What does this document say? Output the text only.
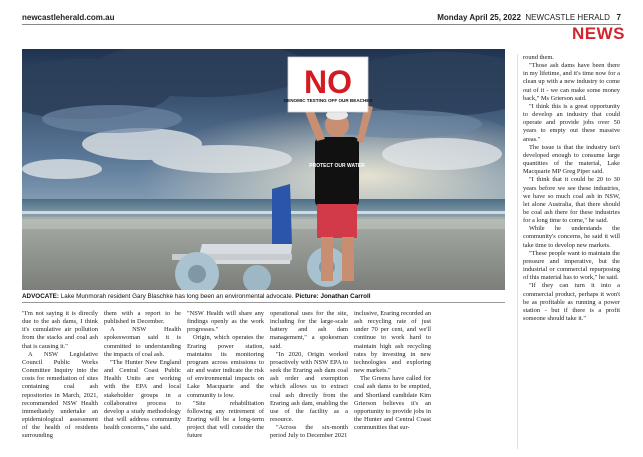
newcastleherald.com.au	Monday April 25, 2022 NEWCASTLE HERALD 7
NEWS
PROTECT OUR WATER
NO
GENOMIC TESTING OFF OUR BEACHES
ADVOCATE: Lake Munmorah resident Gary Blaschke has long been an environmental advocate. Picture: Jonathan Carroll

"I'm not saying it is directly due to the ash dams, I think it's cumulative air pollution from the stacks and coal ash that is causing it."

A NSW Legislative Council Public Works Committee Inquiry into the costs for remediation of sites containing coal ash repositories in March, 2021, recommended NSW Health immediately undertake an epidemiological assessment of the health of residents surrounding

them with a report to be published in December.

A NSW Health spokeswoman said it is committed to understanding the impacts of coal ash.

"The Hunter New England and Central Coast Public Health Units are working with the EPA and local stakeholder groups in a collaborative process to develop a study methodology that will address community health concerns," she said.

"NSW Health will share any findings openly as the work progresses."

Origin, which operates the Eraring power station, maintains its monitoring program across emissions to air and water indicate the risk of environmental impacts on Lake Macquarie and the community is low.

"Site rehabilitation following any retirement of Eraring will be a long-term project that will consider the future

operational uses for the site, including for the large-scale battery and ash dam management," a spokesman said.

"In 2020, Origin worked proactively with NSW EPA to seek the Eraring ash dam coal ash order and exemption which allows us to extract coal ash directly from the Eraring ash dam, enabling the use of the facility as a resource.

"Across the six-month period July to December 2021

inclusive, Eraring recorded an ash recycling rate of just under 70 per cent, and we'll continue to work hard to maintain high ash recycling rates by investing in new technologies and exploring new markets."

The Greens have called for coal ash dams to be emptied, and Shortland candidate Kim Grierson believes it's an opportunity to provide jobs in the Hunter and Central Coast communities that sur-

round them.

"Those ash dams have been there in my lifetime, and it's time now for a clean up with a new industry to come out of it - we can make some money back," Ms Grierson said.

"I think this is a great opportunity to develop an industry that could operate and provide jobs over 50 years to empty out these massive areas."

The issue is that the industry isn't developed enough to consume large quantities of the material, Lake Macquarie MP Greg Piper said.

"I think that it could be 20 to 30 years before we see these industries, we have so much coal ash in NSW, let alone Australia, that there should be coal ash there for these industries for a long time to come," he said.

While he understands the community's concerns, he said it will take time to develop new markets.

"These people want to maintain the pressure and imperative, but the industrial or commercial repurposing of this material has to work," he said.

"If they can turn it into a commercial product, perhaps it won't be as profitable as running a power station - but if there is a profit someone should take it."
